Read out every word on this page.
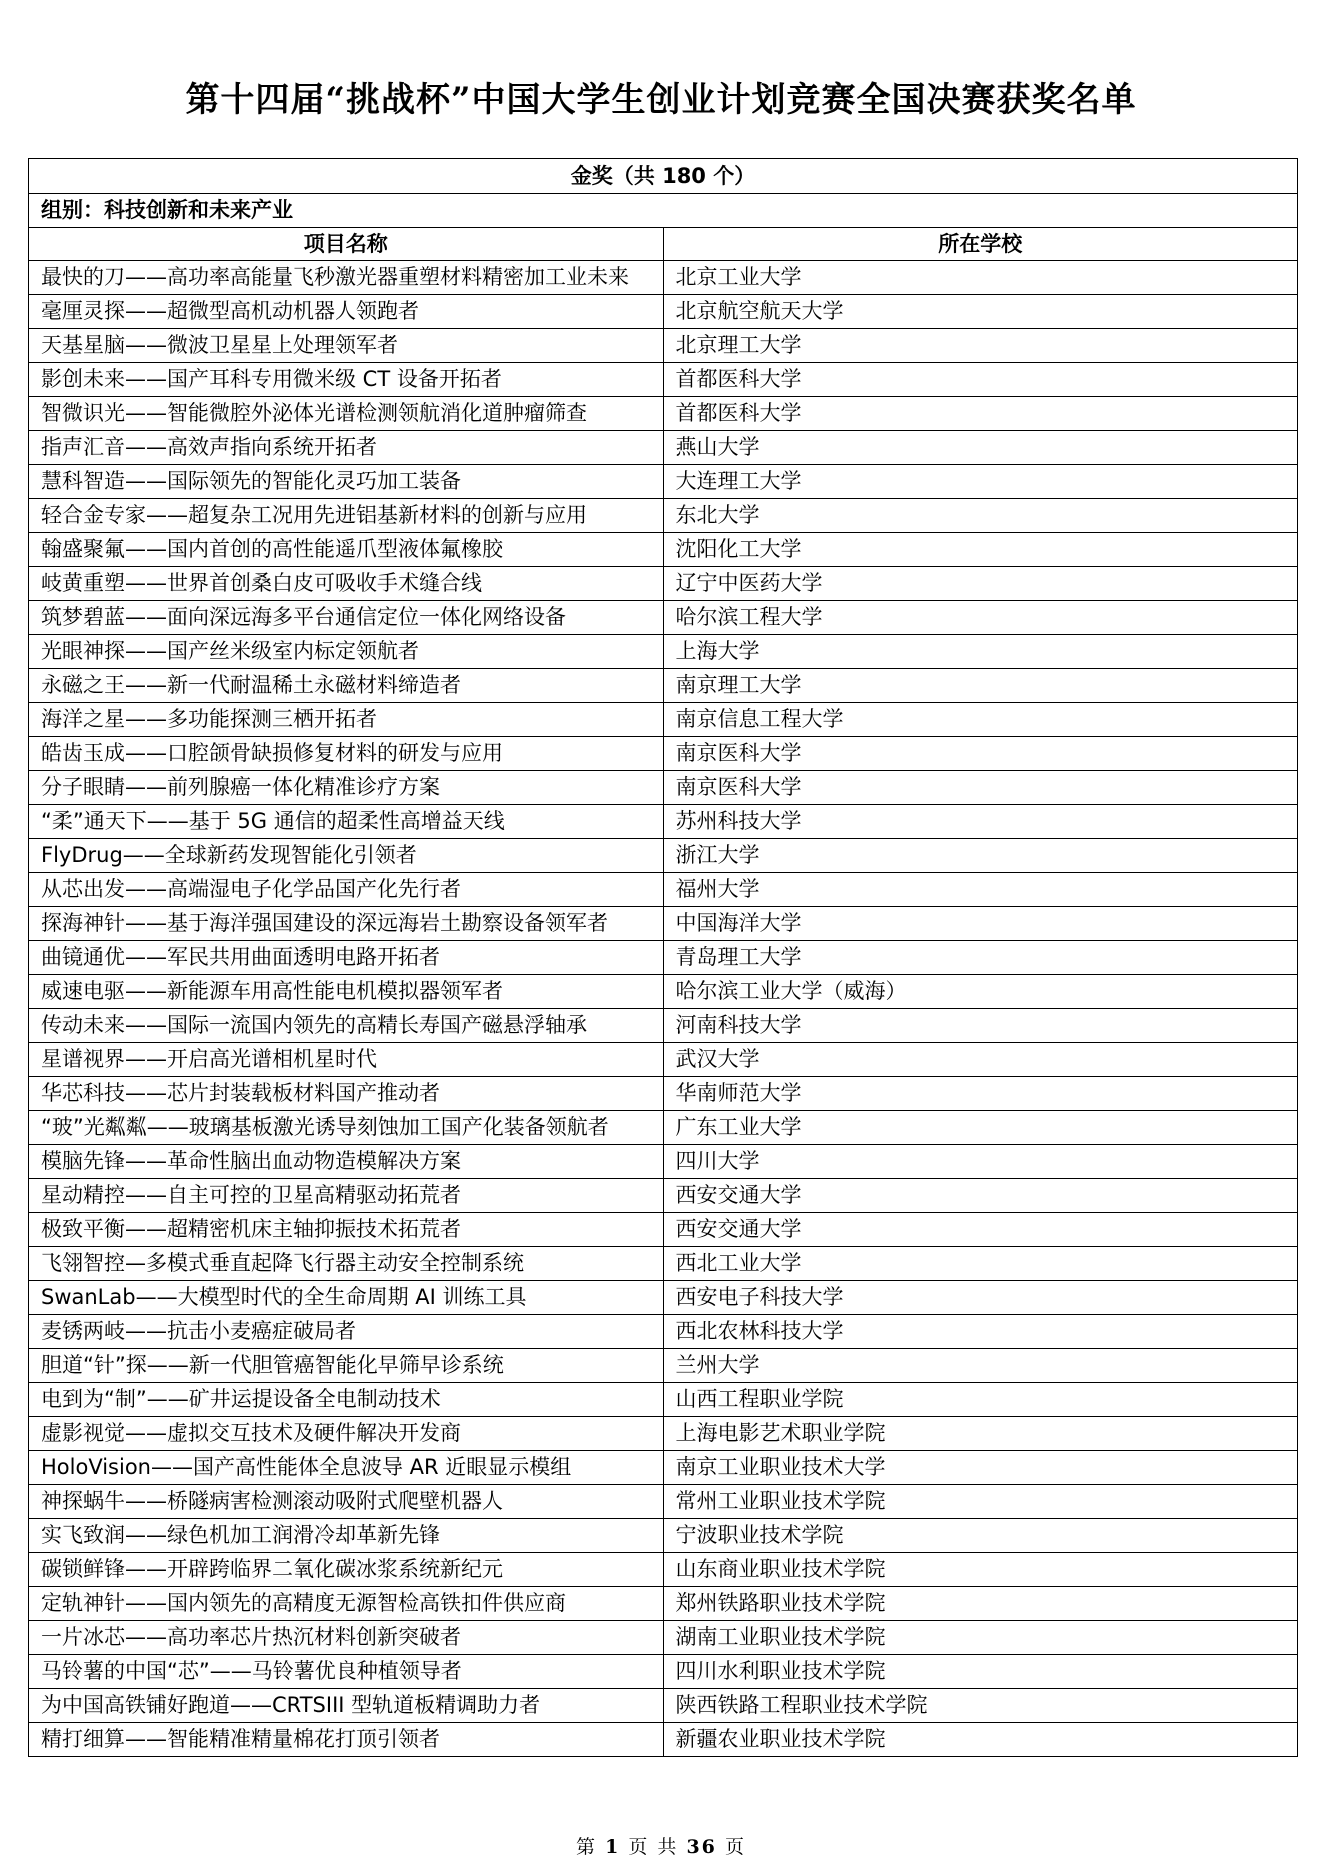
第十四届“挑战杯”中国大学生创业计划竞赛全国决赛获奖名单
金奖（共 180 个）	
组别：科技创新和未来产业	
项目名称	所在学校
最快的刀——高功率高能量飞秒激光器重塑材料精密加工业未来	北京工业大学
毫厘灵探——超微型高机动机器人领跑者	北京航空航天大学
天基星脑——微波卫星星上处理领军者	北京理工大学
影创未来——国产耳科专用微米级 CT 设备开拓者	首都医科大学
智微识光——智能微腔外泌体光谱检测领航消化道肿瘤筛查	首都医科大学
指声汇音——高效声指向系统开拓者	燕山大学
慧科智造——国际领先的智能化灵巧加工装备	大连理工大学
轻合金专家——超复杂工况用先进铝基新材料的创新与应用	东北大学
翰盛聚氟——国内首创的高性能遥爪型液体氟橡胶	沈阳化工大学
岐黄重塑——世界首创桑白皮可吸收手术缝合线	辽宁中医药大学
筑梦碧蓝——面向深远海多平台通信定位一体化网络设备	哈尔滨工程大学
光眼神探——国产丝米级室内标定领航者	上海大学
永磁之王——新一代耐温稀土永磁材料缔造者	南京理工大学
海洋之星——多功能探测三栖开拓者	南京信息工程大学
皓齿玉成——口腔颌骨缺损修复材料的研发与应用	南京医科大学
分子眼睛——前列腺癌一体化精准诊疗方案	南京医科大学
“柔”通天下——基于 5G 通信的超柔性高增益天线	苏州科技大学
FlyDrug——全球新药发现智能化引领者	浙江大学
从芯出发——高端湿电子化学品国产化先行者	福州大学
探海神针——基于海洋强国建设的深远海岩土勘察设备领军者	中国海洋大学
曲镜通优——军民共用曲面透明电路开拓者	青岛理工大学
威速电驱——新能源车用高性能电机模拟器领军者	哈尔滨工业大学（威海）
传动未来——国际一流国内领先的高精长寿国产磁悬浮轴承	河南科技大学
星谱视界——开启高光谱相机星时代	武汉大学
华芯科技——芯片封装载板材料国产推动者	华南师范大学
“玻”光粼粼——玻璃基板激光诱导刻蚀加工国产化装备领航者	广东工业大学
模脑先锋——革命性脑出血动物造模解决方案	四川大学
星动精控——自主可控的卫星高精驱动拓荒者	西安交通大学
极致平衡——超精密机床主轴抑振技术拓荒者	西安交通大学
飞翎智控—多模式垂直起降飞行器主动安全控制系统	西北工业大学
SwanLab——大模型时代的全生命周期 AI 训练工具	西安电子科技大学
麦锈两岐——抗击小麦癌症破局者	西北农林科技大学
胆道“针”探——新一代胆管癌智能化早筛早诊系统	兰州大学
电到为“制”——矿井运提设备全电制动技术	山西工程职业学院
虚影视觉——虚拟交互技术及硬件解决开发商	上海电影艺术职业学院
HoloVision——国产高性能体全息波导 AR 近眼显示模组	南京工业职业技术大学
神探蜗牛——桥隧病害检测滚动吸附式爬壁机器人	常州工业职业技术学院
实飞致润——绿色机加工润滑冷却革新先锋	宁波职业技术学院
碳锁鲜锋——开辟跨临界二氧化碳冰浆系统新纪元	山东商业职业技术学院
定轨神针——国内领先的高精度无源智检高铁扣件供应商	郑州铁路职业技术学院
一片冰芯——高功率芯片热沉材料创新突破者	湖南工业职业技术学院
马铃薯的中国“芯”——马铃薯优良种植领导者	四川水利职业技术学院
为中国高铁铺好跑道——CRTSIII 型轨道板精调助力者	陕西铁路工程职业技术学院
精打细算——智能精准精量棉花打顶引领者	新疆农业职业技术学院
第 1 页 共 36 页
